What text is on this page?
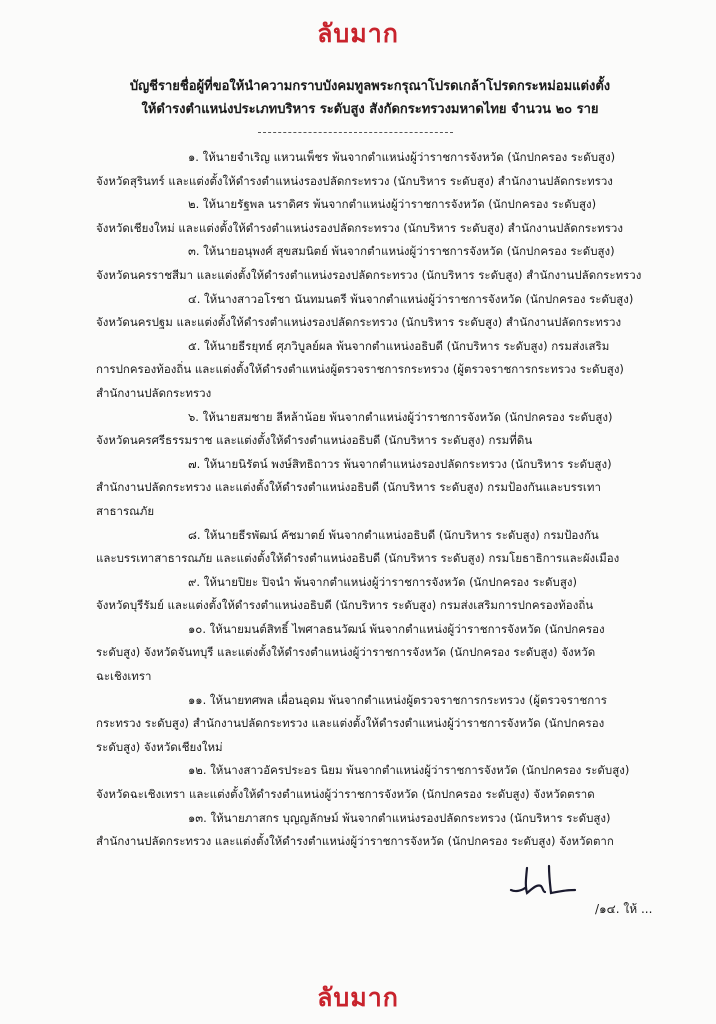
ลับมาก
บัญชีรายชื่อผู้ที่ขอให้นำความกราบบังคมทูลพระกรุณาโปรดเกล้าโปรดกระหม่อมแต่งตั้ง
ให้ดำรงตำแหน่งประเภทบริหาร ระดับสูง สังกัดกระทรวงมหาดไทย จำนวน ๒๐ ราย
๑. ให้นายจำเริญ แหวนเพ็ชร พ้นจากตำแหน่งผู้ว่าราชการจังหวัด (นักปกครอง ระดับสูง)
จังหวัดสุรินทร์ และแต่งตั้งให้ดำรงตำแหน่งรองปลัดกระทรวง (นักบริหาร ระดับสูง) สำนักงานปลัดกระทรวง
๒. ให้นายรัฐพล นราดิศร พ้นจากตำแหน่งผู้ว่าราชการจังหวัด (นักปกครอง ระดับสูง)
จังหวัดเชียงใหม่ และแต่งตั้งให้ดำรงตำแหน่งรองปลัดกระทรวง (นักบริหาร ระดับสูง) สำนักงานปลัดกระทรวง
๓. ให้นายอนุพงศ์ สุขสมนิตย์ พ้นจากตำแหน่งผู้ว่าราชการจังหวัด (นักปกครอง ระดับสูง)
จังหวัดนครราชสีมา และแต่งตั้งให้ดำรงตำแหน่งรองปลัดกระทรวง (นักบริหาร ระดับสูง) สำนักงานปลัดกระทรวง
๔. ให้นางสาวอโรชา นันทมนตรี พ้นจากตำแหน่งผู้ว่าราชการจังหวัด (นักปกครอง ระดับสูง)
จังหวัดนครปฐม และแต่งตั้งให้ดำรงตำแหน่งรองปลัดกระทรวง (นักบริหาร ระดับสูง) สำนักงานปลัดกระทรวง
๕. ให้นายธีรยุทธ์ ศุภวิบูลย์ผล พ้นจากตำแหน่งอธิบดี (นักบริหาร ระดับสูง) กรมส่งเสริม
การปกครองท้องถิ่น และแต่งตั้งให้ดำรงตำแหน่งผู้ตรวจราชการกระทรวง (ผู้ตรวจราชการกระทรวง ระดับสูง)
สำนักงานปลัดกระทรวง
๖. ให้นายสมชาย ลีหล้าน้อย พ้นจากตำแหน่งผู้ว่าราชการจังหวัด (นักปกครอง ระดับสูง)
จังหวัดนครศรีธรรมราช และแต่งตั้งให้ดำรงตำแหน่งอธิบดี (นักบริหาร ระดับสูง) กรมที่ดิน
๗. ให้นายนิรัตน์ พงษ์สิทธิถาวร พ้นจากตำแหน่งรองปลัดกระทรวง (นักบริหาร ระดับสูง)
สำนักงานปลัดกระทรวง และแต่งตั้งให้ดำรงตำแหน่งอธิบดี (นักบริหาร ระดับสูง) กรมป้องกันและบรรเทา
สาธารณภัย
๘. ให้นายธีรพัฒน์ คัชมาตย์ พ้นจากตำแหน่งอธิบดี (นักบริหาร ระดับสูง) กรมป้องกัน
และบรรเทาสาธารณภัย และแต่งตั้งให้ดำรงตำแหน่งอธิบดี (นักบริหาร ระดับสูง) กรมโยธาธิการและผังเมือง
๙. ให้นายปิยะ ปิจนำ พ้นจากตำแหน่งผู้ว่าราชการจังหวัด (นักปกครอง ระดับสูง)
จังหวัดบุรีรัมย์ และแต่งตั้งให้ดำรงตำแหน่งอธิบดี (นักบริหาร ระดับสูง) กรมส่งเสริมการปกครองท้องถิ่น
๑๐. ให้นายมนต์สิทธิ์ ไพศาลธนวัฒน์ พ้นจากตำแหน่งผู้ว่าราชการจังหวัด (นักปกครอง
ระดับสูง) จังหวัดจันทบุรี และแต่งตั้งให้ดำรงตำแหน่งผู้ว่าราชการจังหวัด (นักปกครอง ระดับสูง) จังหวัด
ฉะเชิงเทรา
๑๑. ให้นายทศพล เผื่อนอุดม พ้นจากตำแหน่งผู้ตรวจราชการกระทรวง (ผู้ตรวจราชการ
กระทรวง ระดับสูง) สำนักงานปลัดกระทรวง และแต่งตั้งให้ดำรงตำแหน่งผู้ว่าราชการจังหวัด (นักปกครอง
ระดับสูง) จังหวัดเชียงใหม่
๑๒. ให้นางสาวอัครประอร นิยม พ้นจากตำแหน่งผู้ว่าราชการจังหวัด (นักปกครอง ระดับสูง)
จังหวัดฉะเชิงเทรา และแต่งตั้งให้ดำรงตำแหน่งผู้ว่าราชการจังหวัด (นักปกครอง ระดับสูง) จังหวัดตราด
๑๓. ให้นายภาสกร บุญญลักษม์ พ้นจากตำแหน่งรองปลัดกระทรวง (นักบริหาร ระดับสูง)
สำนักงานปลัดกระทรวง และแต่งตั้งให้ดำรงตำแหน่งผู้ว่าราชการจังหวัด (นักปกครอง ระดับสูง) จังหวัดตาก
/๑๔. ให้ ...
ลับมาก
